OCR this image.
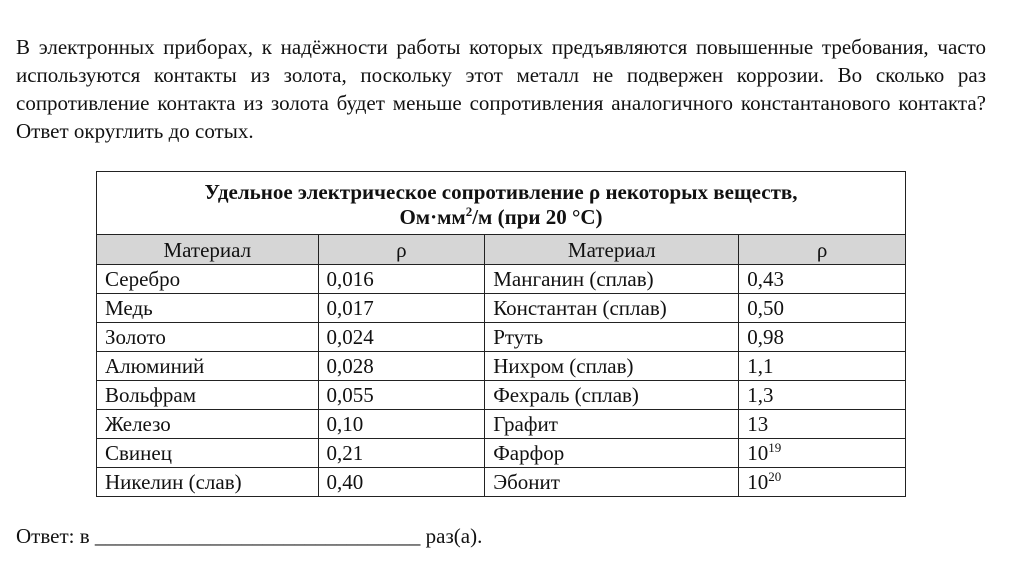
В электронных приборах, к надёжности работы которых предъявляются повышенные требования, часто используются контакты из золота, поскольку этот металл не подвержен коррозии. Во сколько раз сопротивление контакта из золота будет меньше сопротивления аналогичного константанового контакта? Ответ округлить до сотых.

Удельное электрическое сопротивление ρ некоторых веществ,
$Ом\cdot мм^2/м$ (при 20 °С)			
Материал	ρ	Материал	ρ
Серебро	0,016	Манганин (сплав)	0,43
Медь	0,017	Константан (сплав)	0,50
Золото	0,024	Ртуть	0,98
Алюминий	0,028	Нихром (сплав)	1,1
Вольфрам	0,055	Фехраль (сплав)	1,3
Железо	0,10	Графит	13
Свинец	0,21	Фарфор	$10^{19}$
Никелин (слав)	0,40	Эбонит	$10^{20}$
Ответ: в _______________________________ раз(а).
